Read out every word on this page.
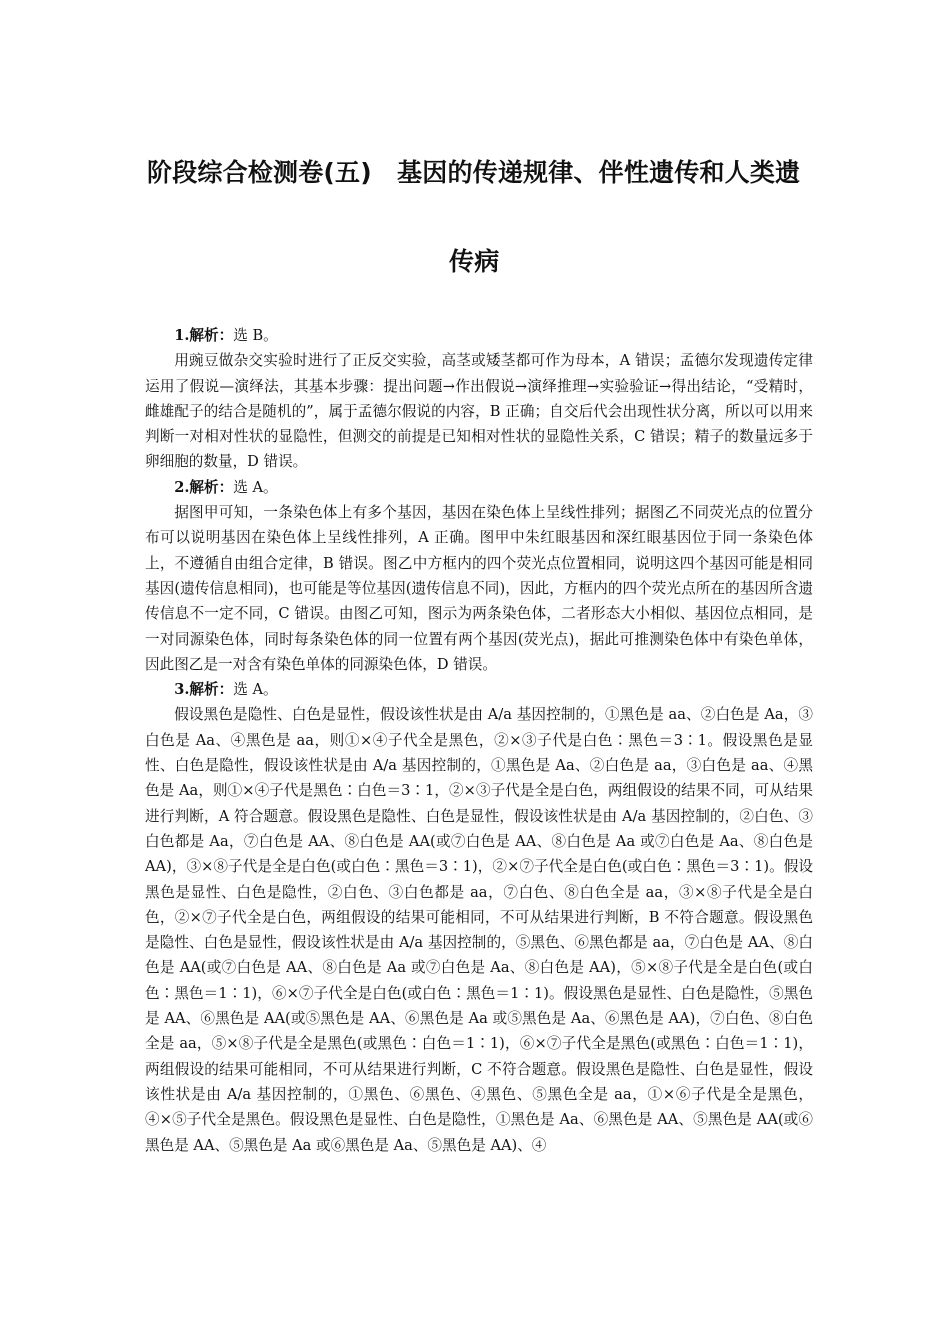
阶段综合检测卷(五)　基因的传递规律、伴性遗传和人类遗
传病

1.解析：选 B。

用豌豆做杂交实验时进行了正反交实验，高茎或矮茎都可作为母本，A 错误；孟德尔发现遗传定律运用了假说—演绎法，其基本步骤：提出问题→作出假说→演绎推理→实验验证→得出结论，“受精时，雌雄配子的结合是随机的”，属于孟德尔假说的内容，B 正确；自交后代会出现性状分离，所以可以用来判断一对相对性状的显隐性，但测交的前提是已知相对性状的显隐性关系，C 错误；精子的数量远多于卵细胞的数量，D 错误。

2.解析：选 A。

据图甲可知，一条染色体上有多个基因，基因在染色体上呈线性排列；据图乙不同荧光点的位置分布可以说明基因在染色体上呈线性排列，A 正确。图甲中朱红眼基因和深红眼基因位于同一条染色体上，不遵循自由组合定律，B 错误。图乙中方框内的四个荧光点位置相同，说明这四个基因可能是相同基因(遗传信息相同)，也可能是等位基因(遗传信息不同)，因此，方框内的四个荧光点所在的基因所含遗传信息不一定不同，C 错误。由图乙可知，图示为两条染色体，二者形态大小相似、基因位点相同，是一对同源染色体，同时每条染色体的同一位置有两个基因(荧光点)，据此可推测染色体中有染色单体，因此图乙是一对含有染色单体的同源染色体，D 错误。

3.解析：选 A。

假设黑色是隐性、白色是显性，假设该性状是由 A/a 基因控制的，①黑色是 aa、②白色是 Aa，③白色是 Aa、④黑色是 aa，则①×④子代全是黑色，②×③子代是白色∶黑色＝3∶1。假设黑色是显性、白色是隐性，假设该性状是由 A/a 基因控制的，①黑色是 Aa、②白色是 aa，③白色是 aa、④黑色是 Aa，则①×④子代是黑色∶白色＝3∶1，②×③子代是全是白色，两组假设的结果不同，可从结果进行判断，A 符合题意。假设黑色是隐性、白色是显性，假设该性状是由 A/a 基因控制的，②白色、③白色都是 Aa，⑦白色是 AA、⑧白色是 AA(或⑦白色是 AA、⑧白色是 Aa 或⑦白色是 Aa、⑧白色是 AA)，③×⑧子代是全是白色(或白色∶黑色＝3∶1)，②×⑦子代全是白色(或白色∶黑色＝3∶1)。假设黑色是显性、白色是隐性，②白色、③白色都是 aa，⑦白色、⑧白色全是 aa，③×⑧子代是全是白色，②×⑦子代全是白色，两组假设的结果可能相同，不可从结果进行判断，B 不符合题意。假设黑色是隐性、白色是显性，假设该性状是由 A/a 基因控制的，⑤黑色、⑥黑色都是 aa，⑦白色是 AA、⑧白色是 AA(或⑦白色是 AA、⑧白色是 Aa 或⑦白色是 Aa、⑧白色是 AA)，⑤×⑧子代是全是白色(或白色∶黑色＝1∶1)，⑥×⑦子代全是白色(或白色∶黑色＝1∶1)。假设黑色是显性、白色是隐性，⑤黑色是 AA、⑥黑色是 AA(或⑤黑色是 AA、⑥黑色是 Aa 或⑤黑色是 Aa、⑥黑色是 AA)，⑦白色、⑧白色全是 aa，⑤×⑧子代是全是黑色(或黑色∶白色＝1∶1)，⑥×⑦子代全是黑色(或黑色∶白色＝1∶1)，两组假设的结果可能相同，不可从结果进行判断，C 不符合题意。假设黑色是隐性、白色是显性，假设该性状是由 A/a 基因控制的，①黑色、⑥黑色、④黑色、⑤黑色全是 aa，①×⑥子代是全是黑色，④×⑤子代全是黑色。假设黑色是显性、白色是隐性，①黑色是 Aa、⑥黑色是 AA、⑤黑色是 AA(或⑥黑色是 AA、⑤黑色是 Aa 或⑥黑色是 Aa、⑤黑色是 AA)、④
